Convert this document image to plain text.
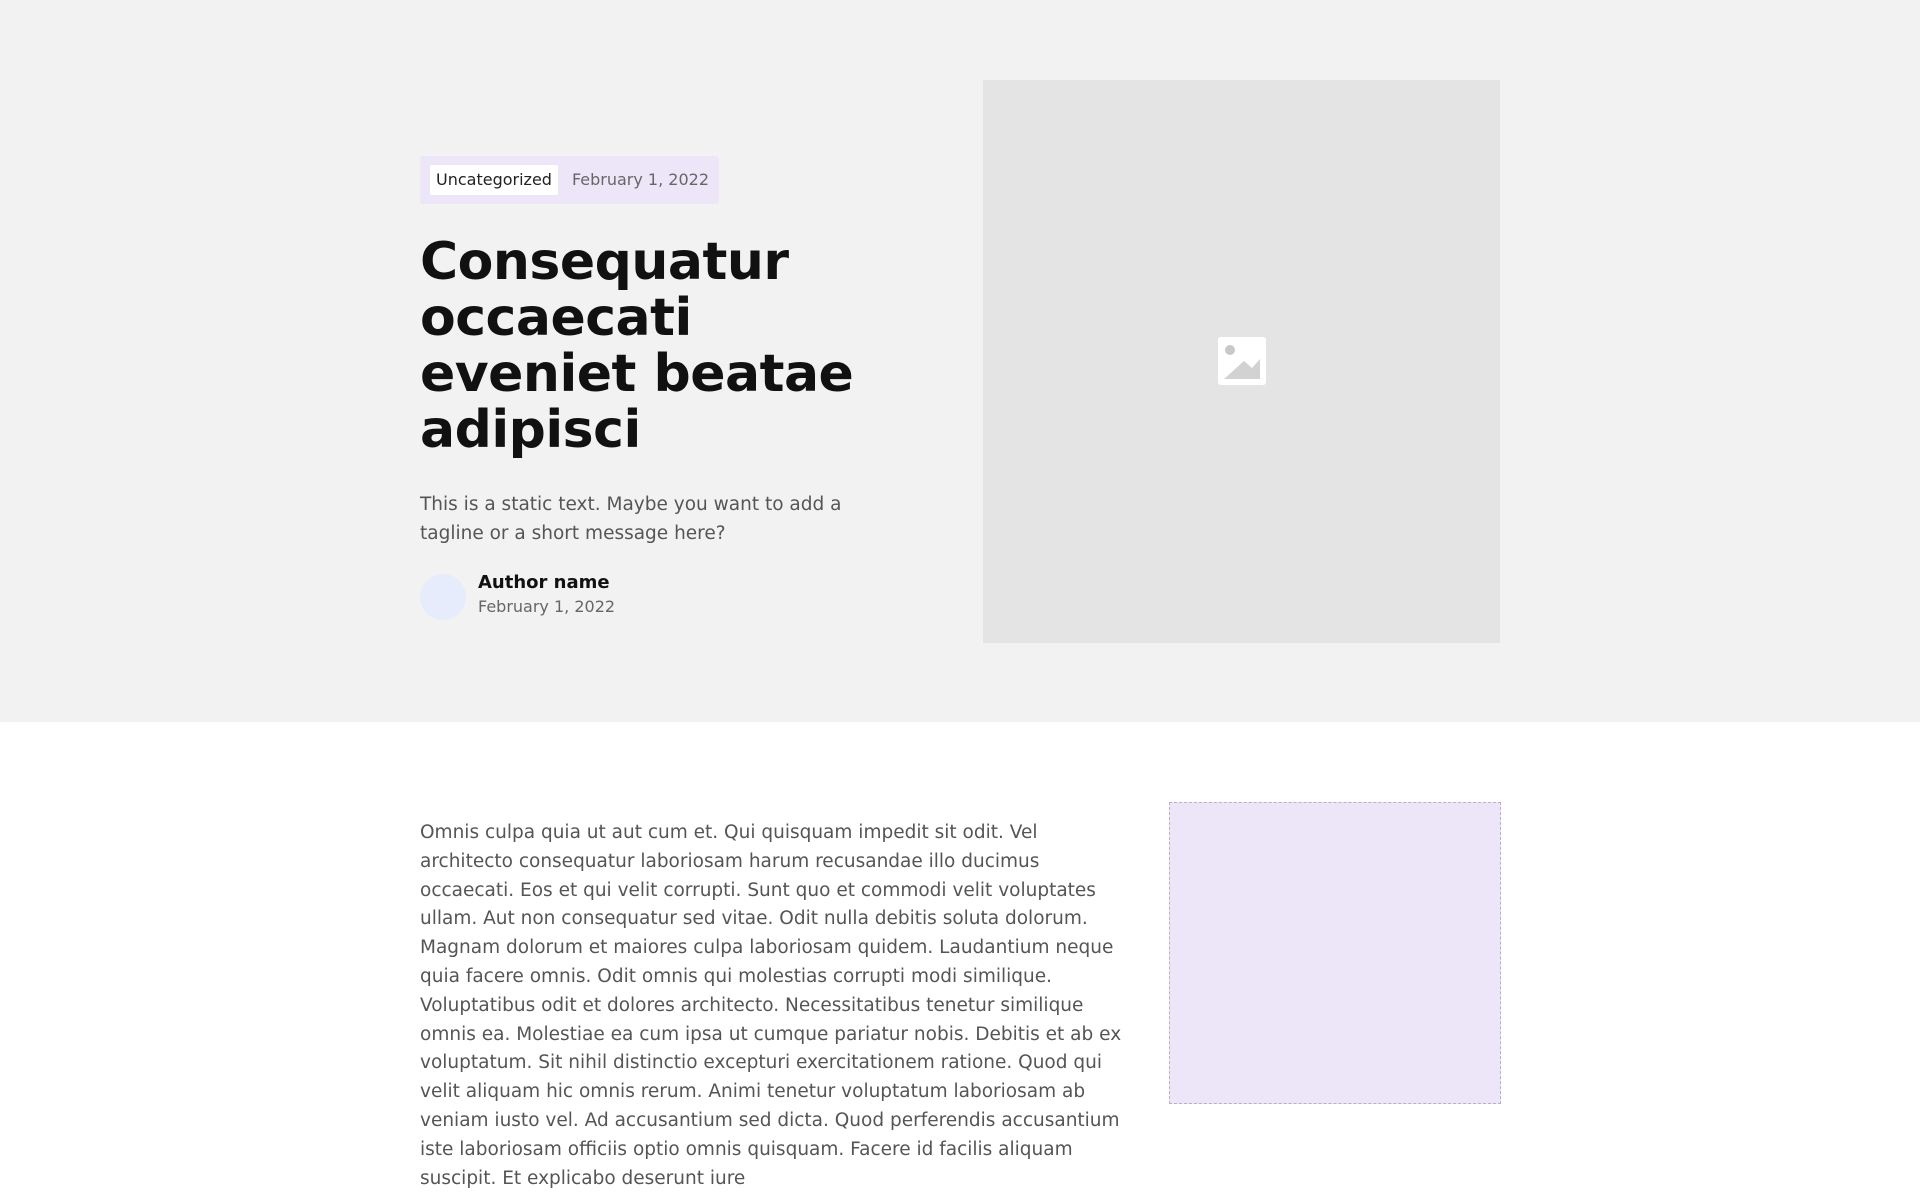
Uncategorized	February 1, 2022
Consequatur occaecati eveniet beatae adipisci

This is a static text. Maybe you want to add a tagline or a short message here?

Author name
February 1, 2022

Omnis culpa quia ut aut cum et. Qui quisquam impedit sit odit. Vel architecto consequatur laboriosam harum recusandae illo ducimus occaecati. Eos et qui velit corrupti. Sunt quo et commodi velit voluptates ullam. Aut non consequatur sed vitae. Odit nulla debitis soluta dolorum. Magnam dolorum et maiores culpa laboriosam quidem. Laudantium neque quia facere omnis. Odit omnis qui molestias corrupti modi similique. Voluptatibus odit et dolores architecto. Necessitatibus tenetur similique omnis ea. Molestiae ea cum ipsa ut cumque pariatur nobis. Debitis et ab ex voluptatum. Sit nihil distinctio excepturi exercitationem ratione. Quod qui velit aliquam hic omnis rerum. Animi tenetur voluptatum laboriosam ab veniam iusto vel. Ad accusantium sed dicta. Quod perferendis accusantium iste laboriosam officiis optio omnis quisquam. Facere id facilis aliquam suscipit. Et explicabo deserunt iure
